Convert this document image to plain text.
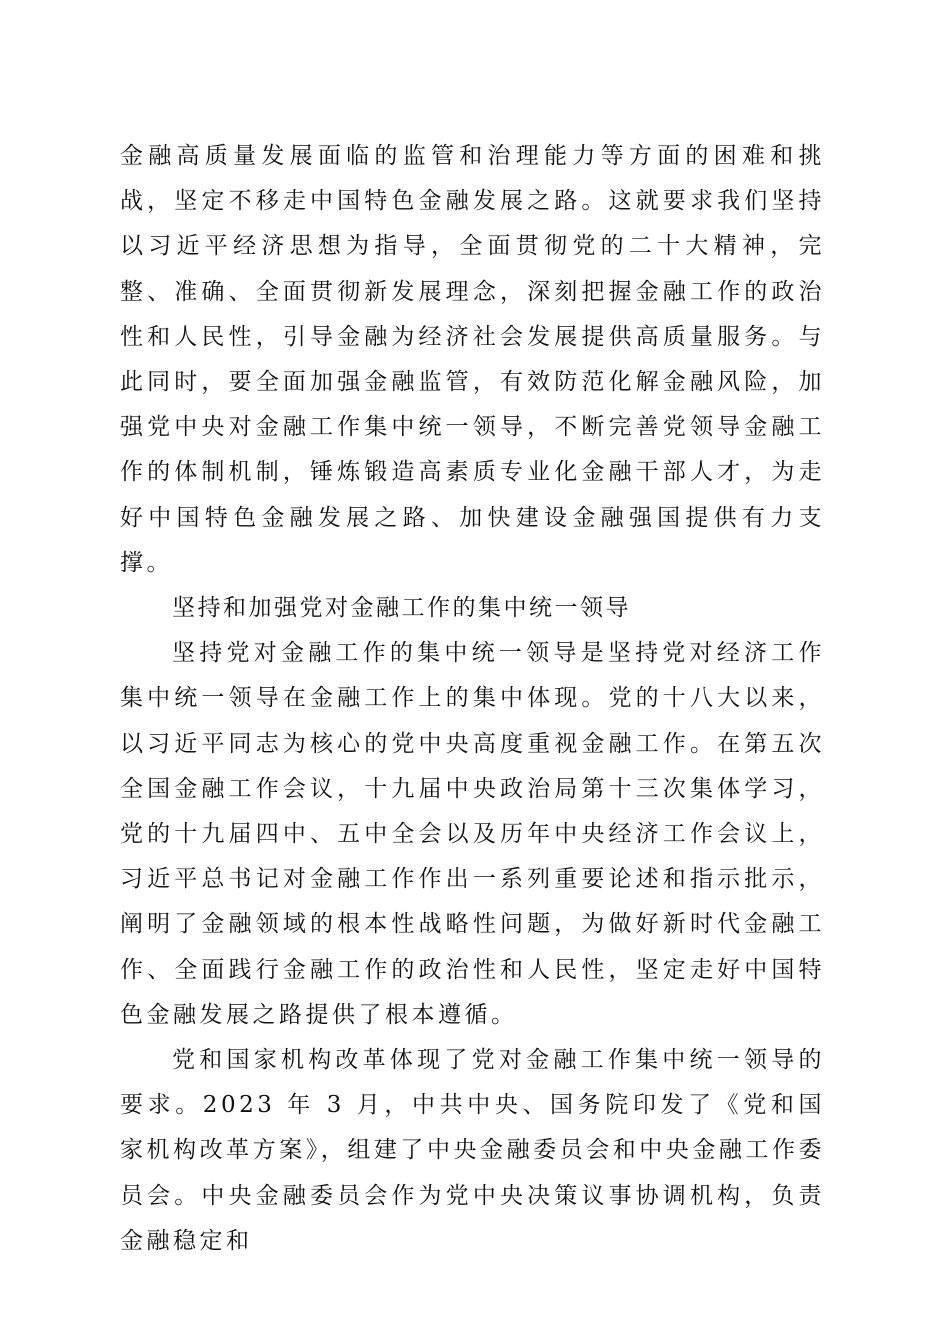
金融高质量发展面临的监管和治理能力等方面的困难和挑战，坚定不移走中国特色金融发展之路。这就要求我们坚持以习近平经济思想为指导，全面贯彻党的二十大精神，完整、准确、全面贯彻新发展理念，深刻把握金融工作的政治性和人民性，引导金融为经济社会发展提供高质量服务。与此同时，要全面加强金融监管，有效防范化解金融风险，加强党中央对金融工作集中统一领导，不断完善党领导金融工作的体制机制，锤炼锻造高素质专业化金融干部人才，为走好中国特色金融发展之路、加快建设金融强国提供有力支撑。

坚持和加强党对金融工作的集中统一领导

坚持党对金融工作的集中统一领导是坚持党对经济工作集中统一领导在金融工作上的集中体现。党的十八大以来，以习近平同志为核心的党中央高度重视金融工作。在第五次全国金融工作会议，十九届中央政治局第十三次集体学习，党的十九届四中、五中全会以及历年中央经济工作会议上，习近平总书记对金融工作作出一系列重要论述和指示批示，阐明了金融领域的根本性战略性问题，为做好新时代金融工作、全面践行金融工作的政治性和人民性，坚定走好中国特色金融发展之路提供了根本遵循。

党和国家机构改革体现了党对金融工作集中统一领导的要求。2023 年 3 月，中共中央、国务院印发了《党和国家机构改革方案》，组建了中央金融委员会和中央金融工作委员会。中央金融委员会作为党中央决策议事协调机构，负责金融稳定和
